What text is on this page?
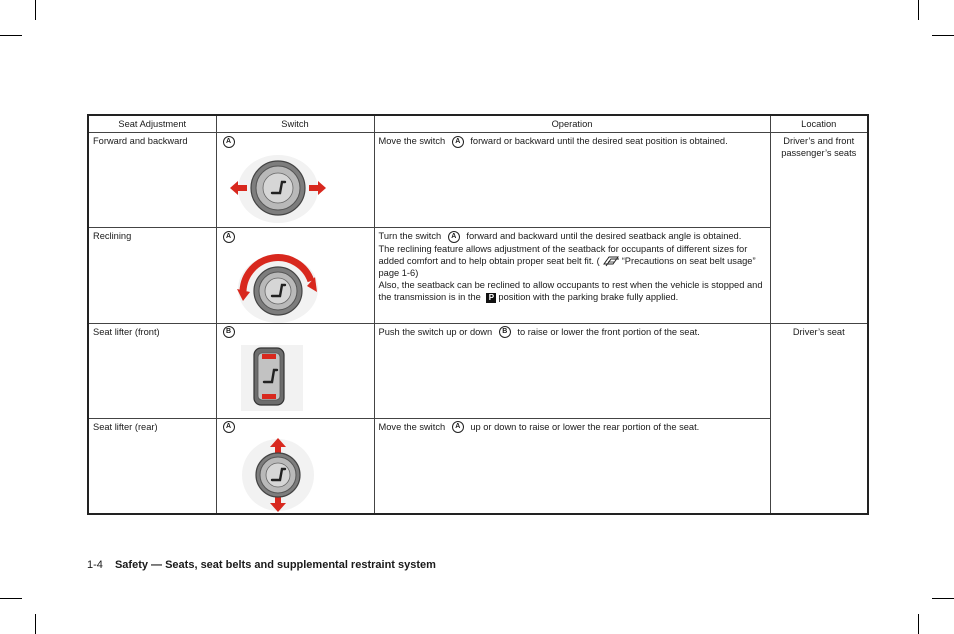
Seat Adjustment	Switch	Operation	Location
Forward and backward	A	Move the switch A forward or backward until the desired seat position is obtained.	Driver’s and front passenger’s seats
Reclining	A	Turn the switch A forward and backward until the desired seatback angle is obtained.
The reclining feature allows adjustment of the seatback for occupants of different sizes for added comfort and to help obtain proper seat belt fit. ( “Precautions on seat belt usage” page 1-6)
Also, the seatback can be reclined to allow occupants to rest when the vehicle is stopped and the transmission is in the P position with the parking brake fully applied.	
Seat lifter (front)	B	Push the switch up or down B to raise or lower the front portion of the seat.	Driver’s seat
Seat lifter (rear)	A	Move the switch A up or down to raise or lower the rear portion of the seat.	
1-4 Safety — Seats, seat belts and supplemental restraint system
